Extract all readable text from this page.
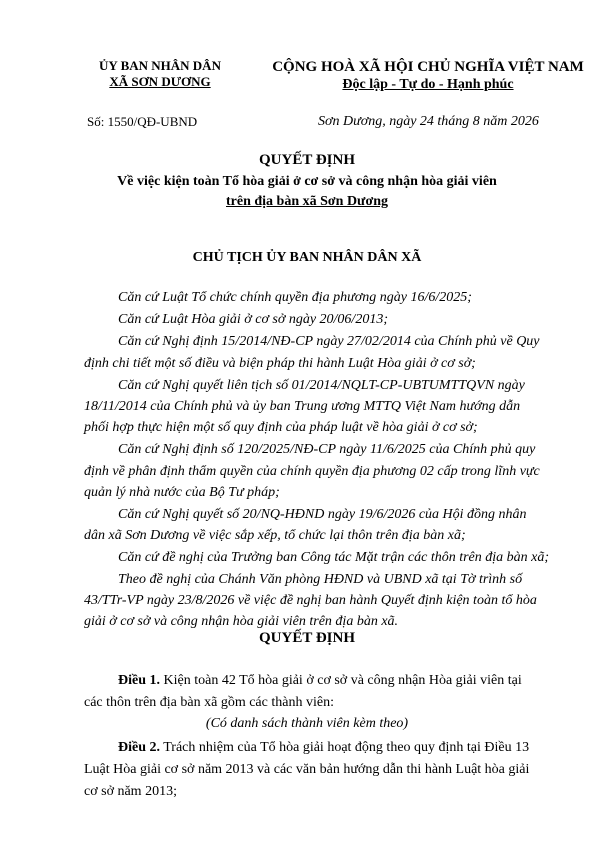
ỦY BAN NHÂN DÂN
XÃ SƠN DƯƠNG
CỘNG HOÀ XÃ HỘI CHỦ NGHĨA VIỆT NAM
Độc lập - Tự do - Hạnh phúc
Số: 1550/QĐ-UBND	Sơn Dương, ngày 24 tháng 8 năm 2026
QUYẾT ĐỊNH
Về việc kiện toàn Tổ hòa giải ở cơ sở và công nhận hòa giải viên
trên địa bàn xã Sơn Dương
CHỦ TỊCH ỦY BAN NHÂN DÂN XÃ
Căn cứ Luật Tổ chức chính quyền địa phương ngày 16/6/2025;
Căn cứ Luật Hòa giải ở cơ sở ngày 20/06/2013;
Căn cứ Nghị định 15/2014/NĐ-CP ngày 27/02/2014 của Chính phủ về Quy
định chi tiết một số điều và biện pháp thi hành Luật Hòa giải ở cơ sở;
Căn cứ Nghị quyết liên tịch số 01/2014/NQLT-CP-UBTUMTTQVN ngày
18/11/2014 của Chính phủ và ủy ban Trung ương MTTQ Việt Nam hướng dẫn
phối hợp thực hiện một số quy định của pháp luật về hòa giải ở cơ sở;
Căn cứ Nghị định số 120/2025/NĐ-CP ngày 11/6/2025 của Chính phủ quy
định về phân định thẩm quyền của chính quyền địa phương 02 cấp trong lĩnh vực
quản lý nhà nước của Bộ Tư pháp;
Căn cứ Nghị quyết số 20/NQ-HĐND ngày 19/6/2026 của Hội đồng nhân
dân xã Sơn Dương về việc sắp xếp, tổ chức lại thôn trên địa bàn xã;
Căn cứ đề nghị của Trưởng ban Công tác Mặt trận các thôn trên địa bàn xã;
Theo đề nghị của Chánh Văn phòng HĐND và UBND xã tại Tờ trình số
43/TTr-VP ngày 23/8/2026 về việc đề nghị ban hành Quyết định kiện toàn tổ hòa
giải ở cơ sở và công nhận hòa giải viên trên địa bàn xã.
QUYẾT ĐỊNH
Điều 1. Kiện toàn 42 Tổ hòa giải ở cơ sở và công nhận Hòa giải viên tại
các thôn trên địa bàn xã gồm các thành viên:
(Có danh sách thành viên kèm theo)
Điều 2. Trách nhiệm của Tổ hòa giải hoạt động theo quy định tại Điều 13
Luật Hòa giải cơ sở năm 2013 và các văn bản hướng dẫn thi hành Luật hòa giải
cơ sở năm 2013;
